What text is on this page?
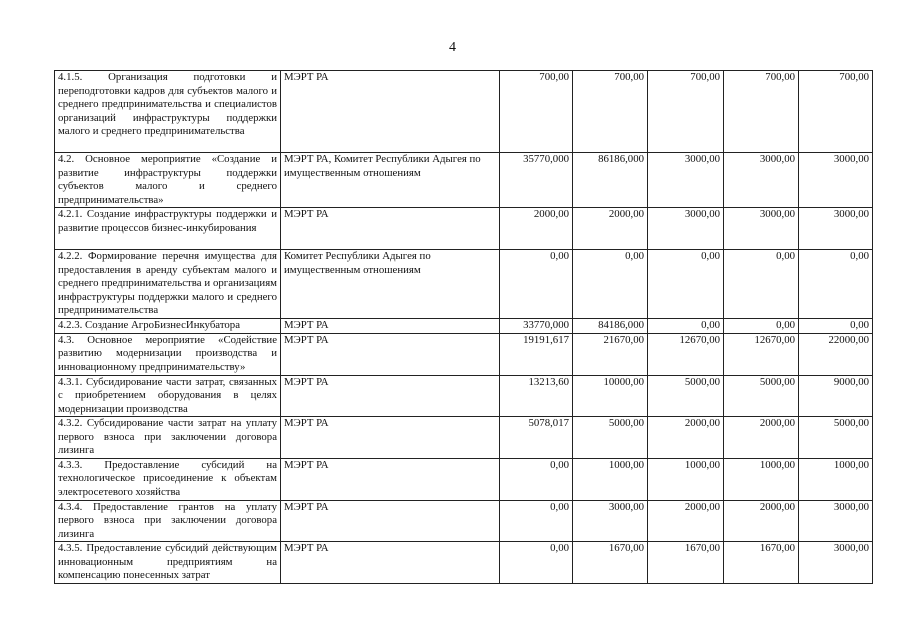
4
4.1.5. Организация подготовки и переподготовки кадров для субъектов малого и среднего предпринимательства и специалистов организаций инфраструктуры поддержки малого и среднего предпринимательства	МЭРТ РА	700,00	700,00	700,00	700,00	700,00
4.2. Основное мероприятие «Создание и развитие инфраструктуры поддержки субъектов малого и среднего предпринимательства»	МЭРТ РА, Комитет Республики Адыгея по имущественным отношениям	35770,000	86186,000	3000,00	3000,00	3000,00
4.2.1. Создание инфраструктуры поддержки и развитие процессов бизнес-инкубирования	МЭРТ РА	2000,00	2000,00	3000,00	3000,00	3000,00
4.2.2. Формирование перечня имущества для предоставления в аренду субъектам малого и среднего предпринимательства и организациям инфраструктуры поддержки малого и среднего предпринимательства	Комитет Республики Адыгея по имущественным отношениям	0,00	0,00	0,00	0,00	0,00
4.2.3. Создание АгроБизнесИнкубатора	МЭРТ РА	33770,000	84186,000	0,00	0,00	0,00
4.3. Основное мероприятие «Содействие развитию модернизации производства и инновационному предпринимательству»	МЭРТ РА	19191,617	21670,00	12670,00	12670,00	22000,00
4.3.1. Субсидирование части затрат, связанных с приобретением оборудования в целях модернизации производства	МЭРТ РА	13213,60	10000,00	5000,00	5000,00	9000,00
4.3.2. Субсидирование части затрат на уплату первого взноса при заключении договора лизинга	МЭРТ РА	5078,017	5000,00	2000,00	2000,00	5000,00
4.3.3. Предоставление субсидий на технологическое присоединение к объектам электросетевого хозяйства	МЭРТ РА	0,00	1000,00	1000,00	1000,00	1000,00
4.3.4. Предоставление грантов на уплату первого взноса при заключении договора лизинга	МЭРТ РА	0,00	3000,00	2000,00	2000,00	3000,00
4.3.5. Предоставление субсидий действующим инновационным предприятиям на компенсацию понесенных затрат	МЭРТ РА	0,00	1670,00	1670,00	1670,00	3000,00
